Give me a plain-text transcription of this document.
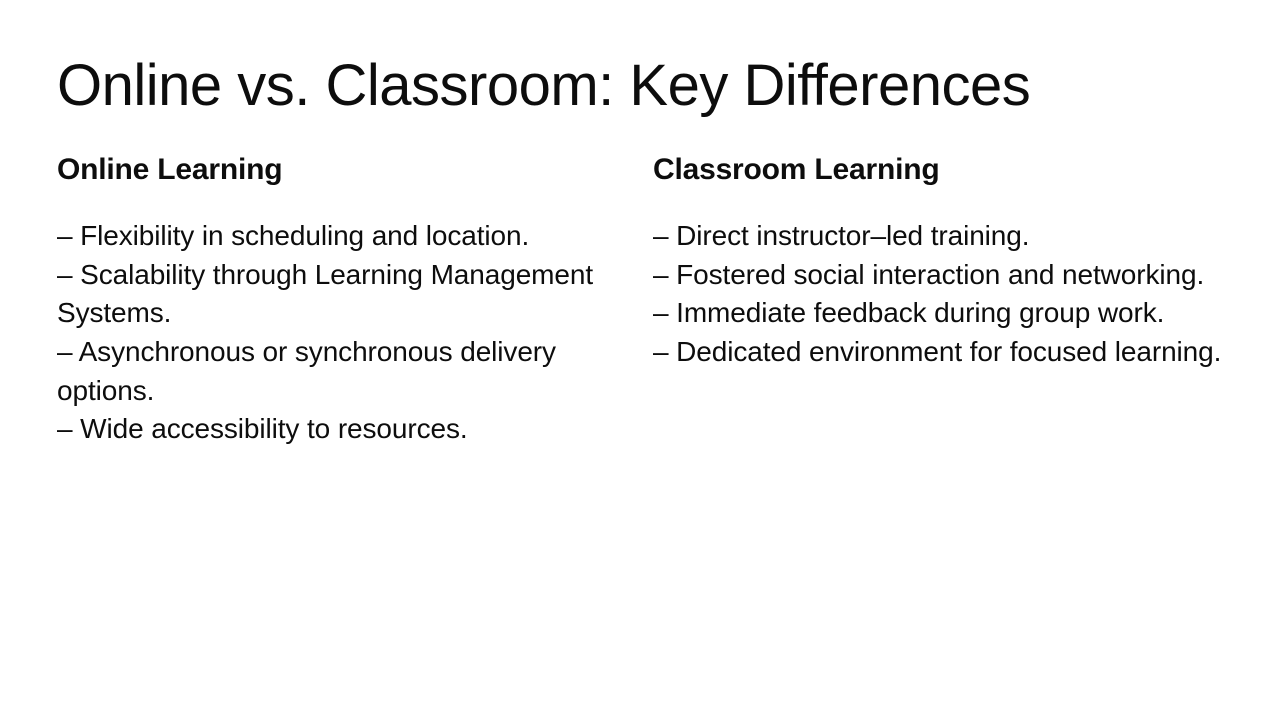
Online vs. Classroom: Key Differences
Online Learning
– Flexibility in scheduling and location.
– Scalability through Learning Management Systems.
– Asynchronous or synchronous delivery options.
– Wide accessibility to resources.
Classroom Learning
– Direct instructor–led training.
– Fostered social interaction and networking.
– Immediate feedback during group work.
– Dedicated environment for focused learning.
